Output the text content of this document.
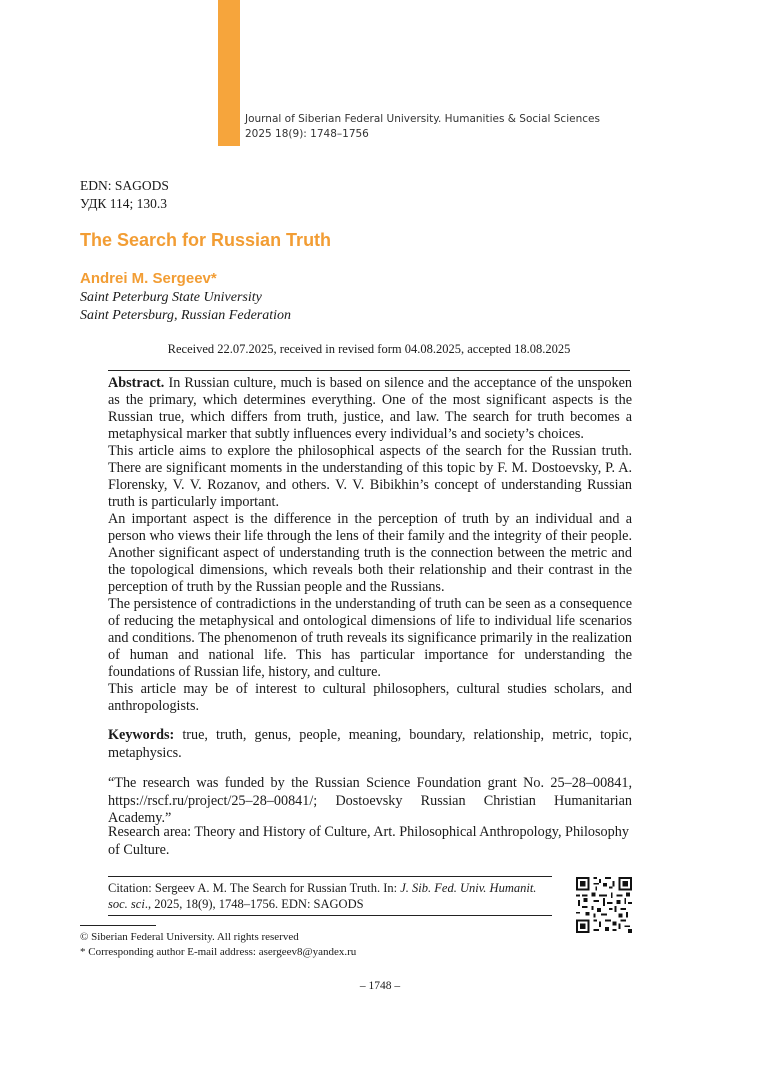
Journal of Siberian Federal University. Humanities & Social Sciences
2025 18(9): 1748–1756
EDN: SAGODS
УДК 114; 130.3
The Search for Russian Truth
Andrei M. Sergeev*
Saint Peterburg State University
Saint Petersburg, Russian Federation
Received 22.07.2025, received in revised form 04.08.2025, accepted 18.08.2025

Abstract. In Russian culture, much is based on silence and the acceptance of the unspoken as the primary, which determines everything. One of the most significant aspects is the Russian true, which differs from truth, justice, and law. The search for truth becomes a metaphysical marker that subtly influences every individual’s and society’s choices.

This article aims to explore the philosophical aspects of the search for the Russian truth. There are significant moments in the understanding of this topic by F. M. Dostoevsky, P. A. Florensky, V. V. Rozanov, and others. V. V. Bibikhin’s concept of understanding Russian truth is particularly important.

An important aspect is the difference in the perception of truth by an individual and a person who views their life through the lens of their family and the integrity of their people. Another significant aspect of understanding truth is the connection between the metric and the topological dimensions, which reveals both their relationship and their contrast in the perception of truth by the Russian people and the Russians.

The persistence of contradictions in the understanding of truth can be seen as a consequence of reducing the metaphysical and ontological dimensions of life to individual life scenarios and conditions. The phenomenon of truth reveals its significance primarily in the realization of human and national life. This has particular importance for understanding the foundations of Russian life, history, and culture.

This article may be of interest to cultural philosophers, cultural studies scholars, and anthropologists.

Keywords: true, truth, genus, people, meaning, boundary, relationship, metric, topic, metaphysics.
“The research was funded by the Russian Science Foundation grant No. 25–28–00841, https://rscf.ru/project/25–28–00841/; Dostoevsky Russian Christian Humanitarian Academy.”
Research area: Theory and History of Culture, Art. Philosophical Anthropology, Philosophy of Culture.
Citation: Sergeev A. M. The Search for Russian Truth. In: J. Sib. Fed. Univ. Humanit. soc. sci., 2025, 18(9), 1748–1756. EDN: SAGODS
© Siberian Federal University. All rights reserved
* Corresponding author E-mail address: asergeev8@yandex.ru
– 1748 –
